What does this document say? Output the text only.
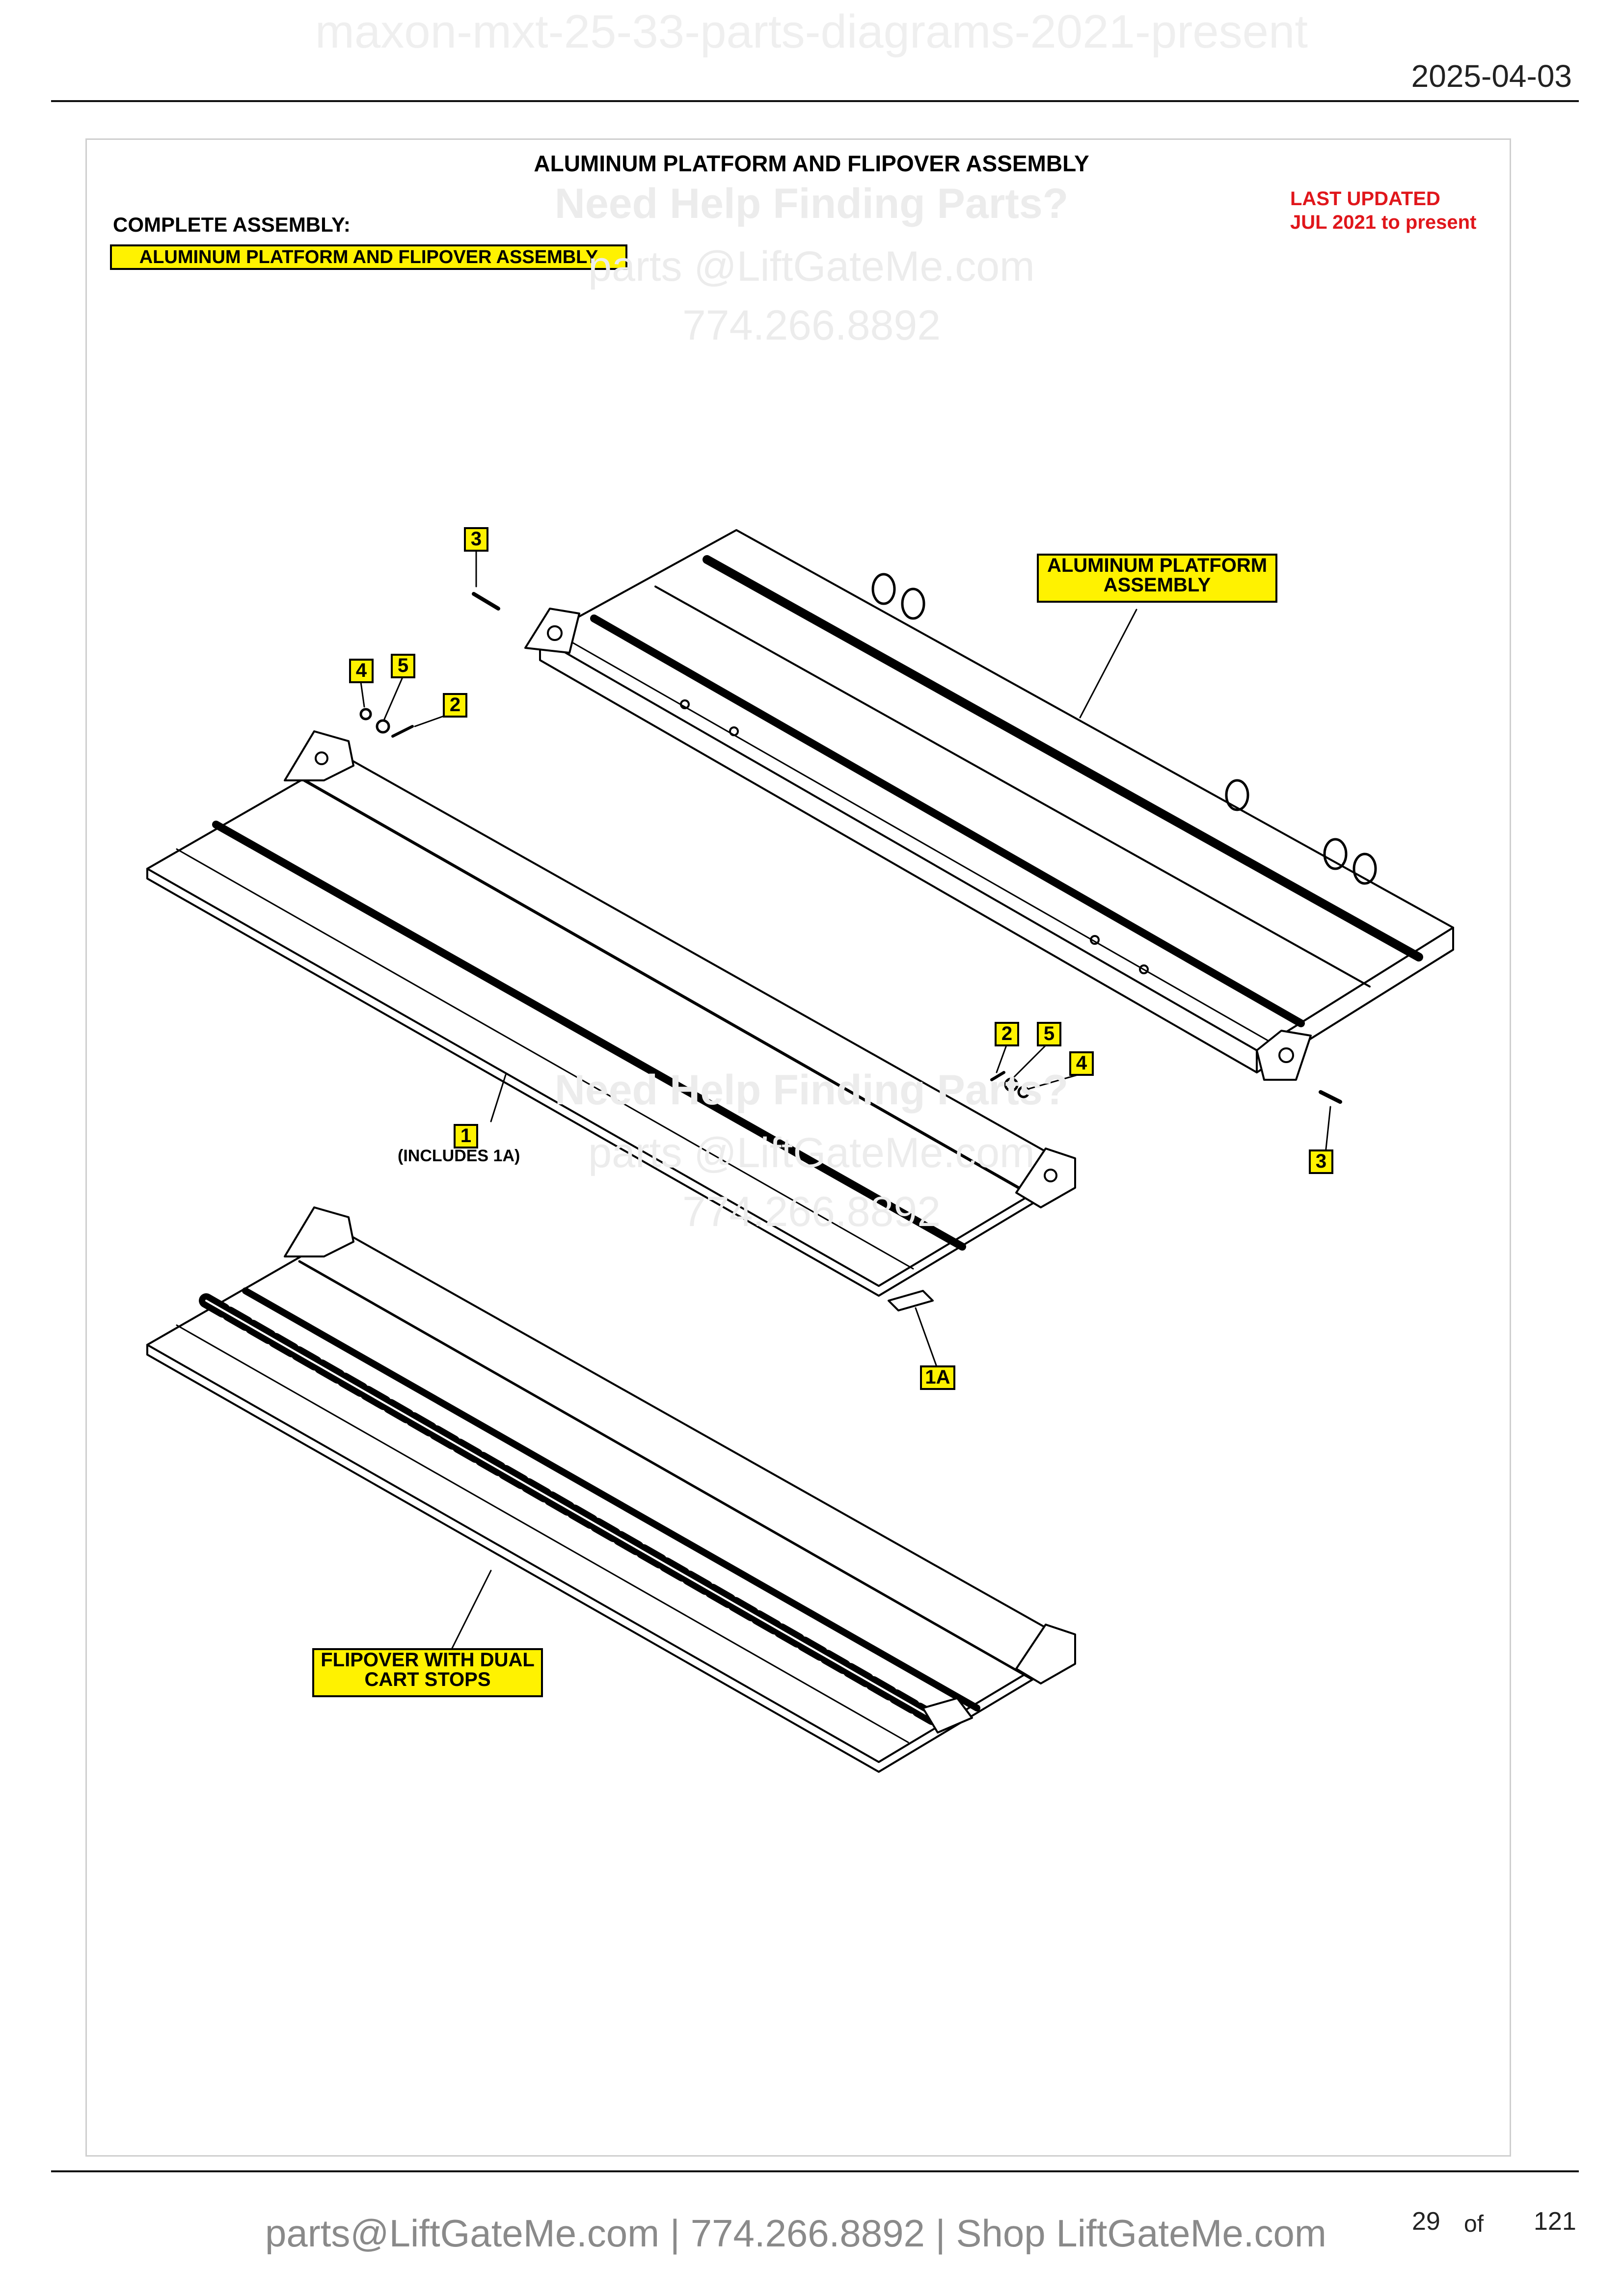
maxon-mxt-25-33-parts-diagrams-2021-present
2025-04-03
ALUMINUM PLATFORM AND FLIPOVER ASSEMBLY
COMPLETE ASSEMBLY:
ALUMINUM PLATFORM AND FLIPOVER ASSEMBLY
LAST UPDATED
JUL 2021 to present
Need Help Finding Parts?
parts @LiftGateMe.com
774.266.8892
Need Help Finding Parts?
parts @LiftGateMe.com
774.266.8892
ALUMINUM PLATFORM
ASSEMBLY
FLIPOVER WITH DUAL
CART STOPS
3
3
4	5
2
2	5
4
1
(INCLUDES 1A)
1A
parts@LiftGateMe.com | 774.266.8892 | Shop LiftGateMe.com	29 of 121
